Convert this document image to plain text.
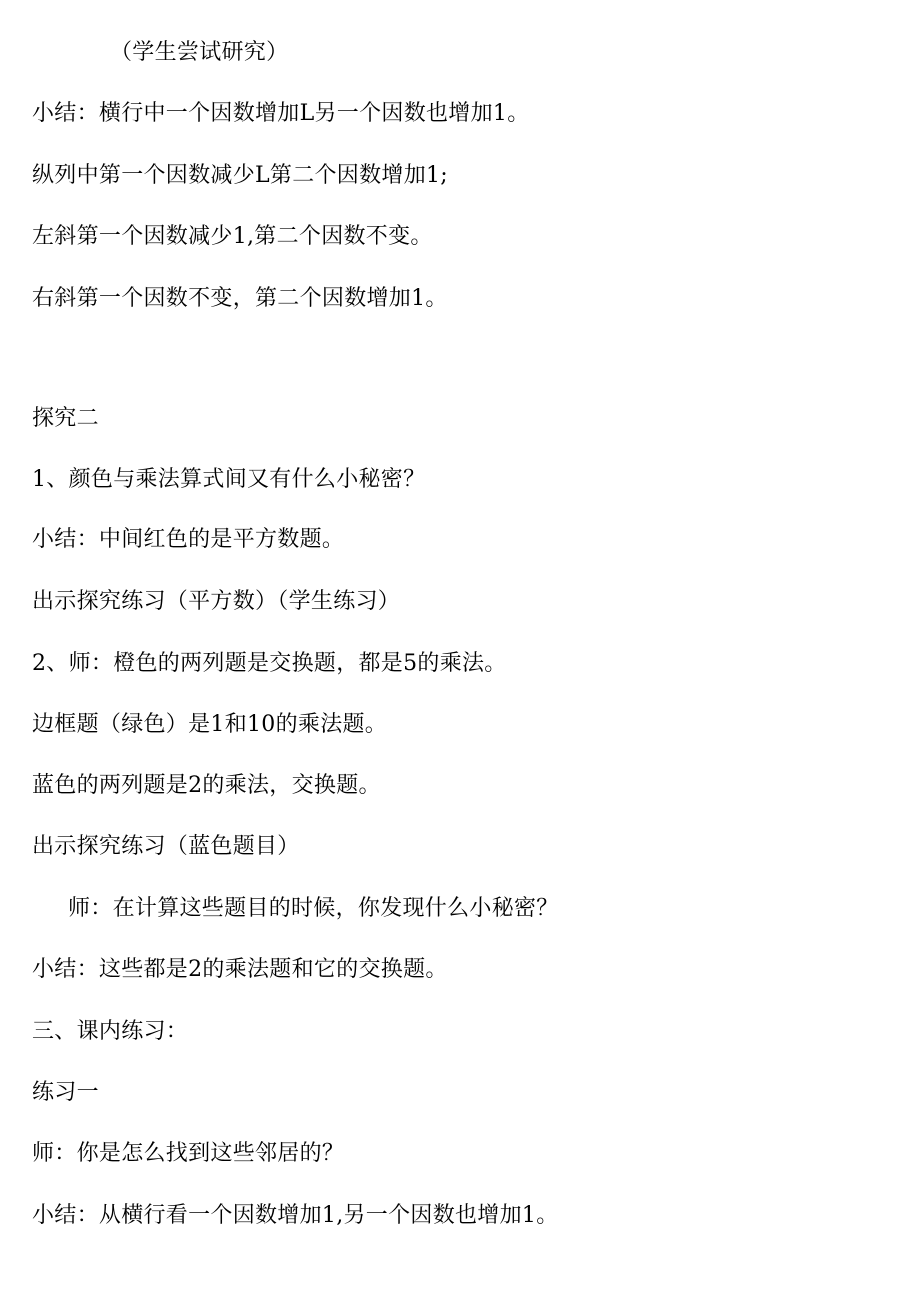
（学生尝试研究）
小结：横行中一个因数增加L另一个因数也增加1。
纵列中第一个因数减少L第二个因数增加1;
左斜第一个因数减少1,第二个因数不变。
右斜第一个因数不变，第二个因数增加1。
探究二
1、颜色与乘法算式间又有什么小秘密？
小结：中间红色的是平方数题。
出示探究练习（平方数）（学生练习）
2、师：橙色的两列题是交换题，都是5的乘法。
边框题（绿色）是1和10的乘法题。
蓝色的两列题是2的乘法，交换题。
出示探究练习（蓝色题目）
师：在计算这些题目的时候，你发现什么小秘密？
小结：这些都是2的乘法题和它的交换题。
三、课内练习：
练习一
师：你是怎么找到这些邻居的？
小结：从横行看一个因数增加1,另一个因数也增加1。
